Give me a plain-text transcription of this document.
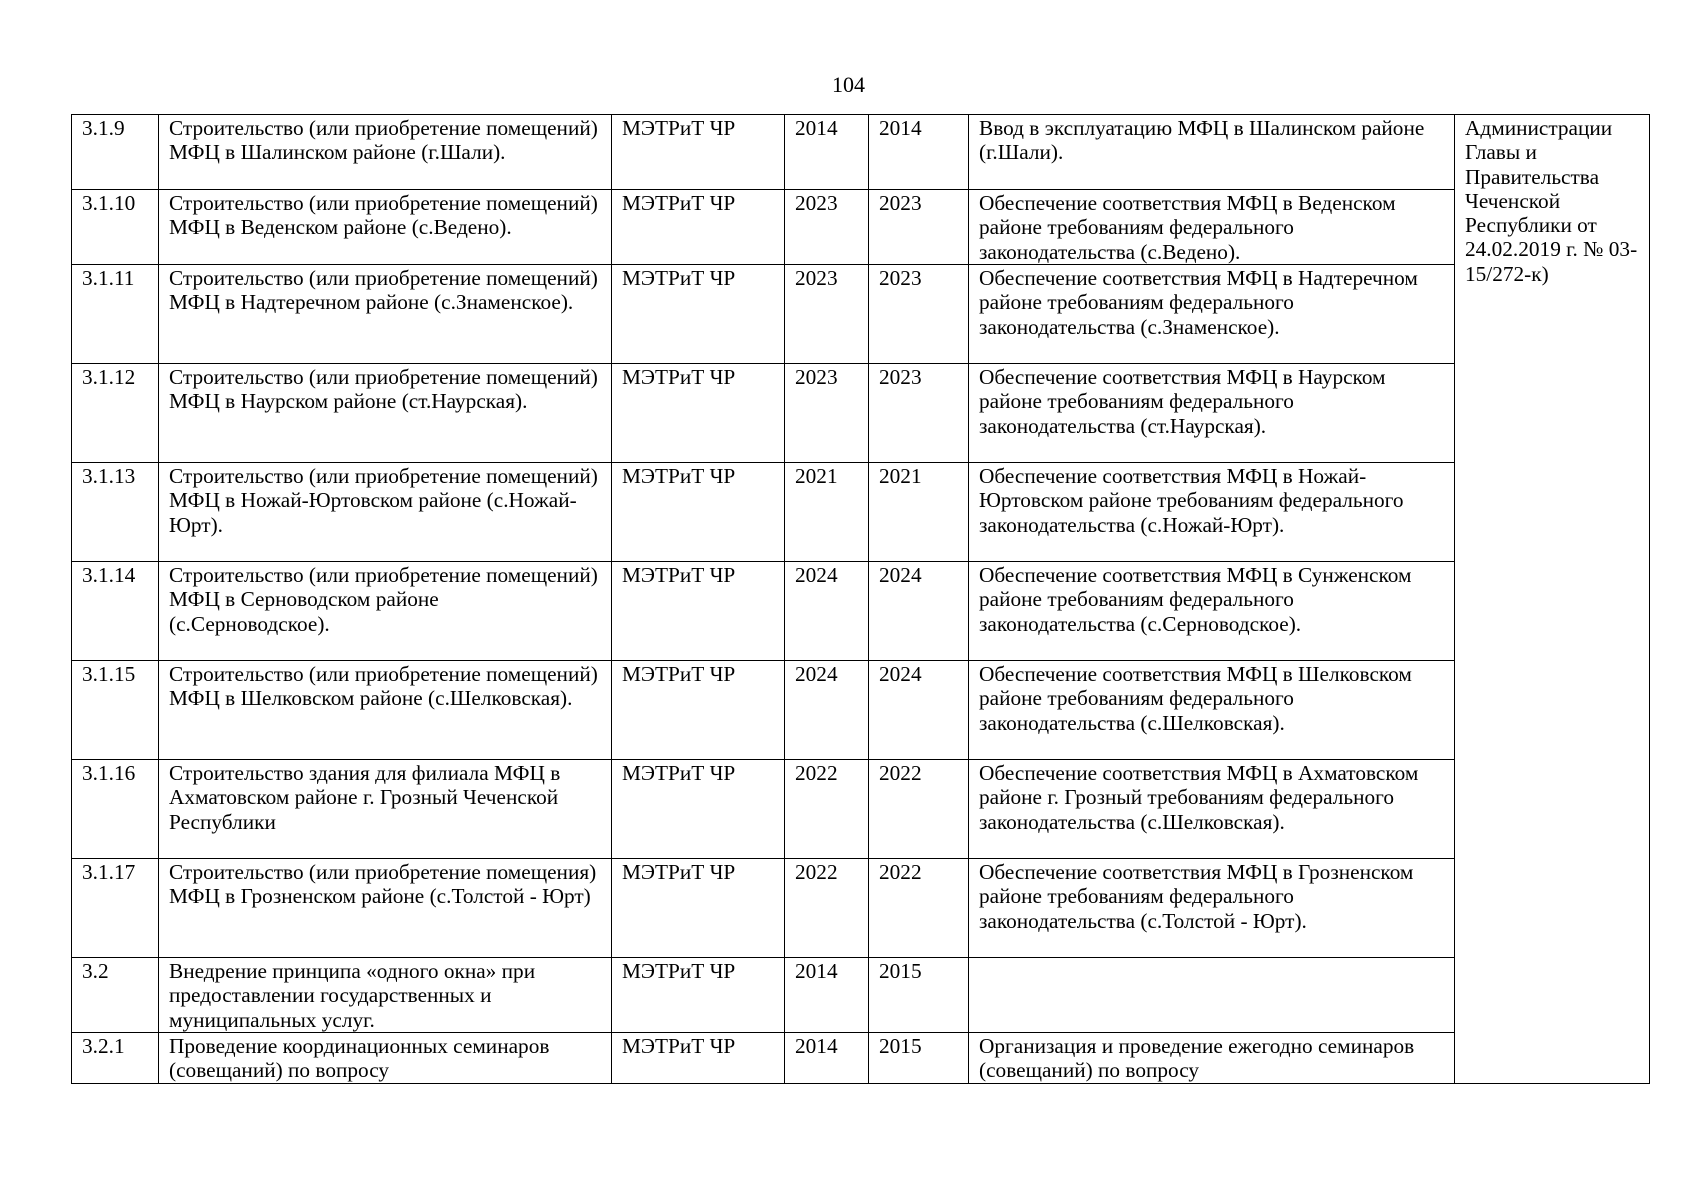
104
3.1.9	Строительство (или приобретение помещений) МФЦ в Шалинском районе (г.Шали).	МЭТРиТ ЧР	2014	2014	Ввод в эксплуатацию МФЦ в Шалинском районе (г.Шали).	Администрации Главы и Правительства Чеченской Республики от 24.02.2019 г. № 03-15/272-к)
3.1.10	Строительство (или приобретение помещений) МФЦ в Веденском районе (с.Ведено).	МЭТРиТ ЧР	2023	2023	Обеспечение соответствия МФЦ в Веденском районе требованиям федерального законодательства (с.Ведено).	
3.1.11	Строительство (или приобретение помещений) МФЦ в Надтеречном районе (с.Знаменское).	МЭТРиТ ЧР	2023	2023	Обеспечение соответствия МФЦ в Надтеречном районе требованиям федерального законодательства (с.Знаменское).	
3.1.12	Строительство (или приобретение помещений) МФЦ в Наурском районе (ст.Наурская).	МЭТРиТ ЧР	2023	2023	Обеспечение соответствия МФЦ в Наурском районе требованиям федерального законодательства (ст.Наурская).	
3.1.13	Строительство (или приобретение помещений) МФЦ в Ножай-Юртовском районе (с.Ножай-Юрт).	МЭТРиТ ЧР	2021	2021	Обеспечение соответствия МФЦ в Ножай-Юртовском районе требованиям федерального законодательства (с.Ножай-Юрт).	
3.1.14	Строительство (или приобретение помещений) МФЦ в Серноводском районе (с.Серноводское).	МЭТРиТ ЧР	2024	2024	Обеспечение соответствия МФЦ в Сунженском районе требованиям федерального законодательства (с.Серноводское).	
3.1.15	Строительство (или приобретение помещений) МФЦ в Шелковском районе (с.Шелковская).	МЭТРиТ ЧР	2024	2024	Обеспечение соответствия МФЦ в Шелковском районе требованиям федерального законодательства (с.Шелковская).	
3.1.16	Строительство здания для филиала МФЦ в Ахматовском районе г. Грозный Чеченской Республики	МЭТРиТ ЧР	2022	2022	Обеспечение соответствия МФЦ в Ахматовском районе г. Грозный требованиям федерального законодательства (с.Шелковская).	
3.1.17	Строительство (или приобретение помещения) МФЦ в Грозненском районе (с.Толстой - Юрт)	МЭТРиТ ЧР	2022	2022	Обеспечение соответствия МФЦ в Грозненском районе требованиям федерального законодательства (с.Толстой - Юрт).	
3.2	Внедрение принципа «одного окна» при предоставлении государственных и муниципальных услуг.	МЭТРиТ ЧР	2014	2015		
3.2.1	Проведение координационных семинаров (совещаний) по вопросу	МЭТРиТ ЧР	2014	2015	Организация и проведение ежегодно семинаров (совещаний) по вопросу	
